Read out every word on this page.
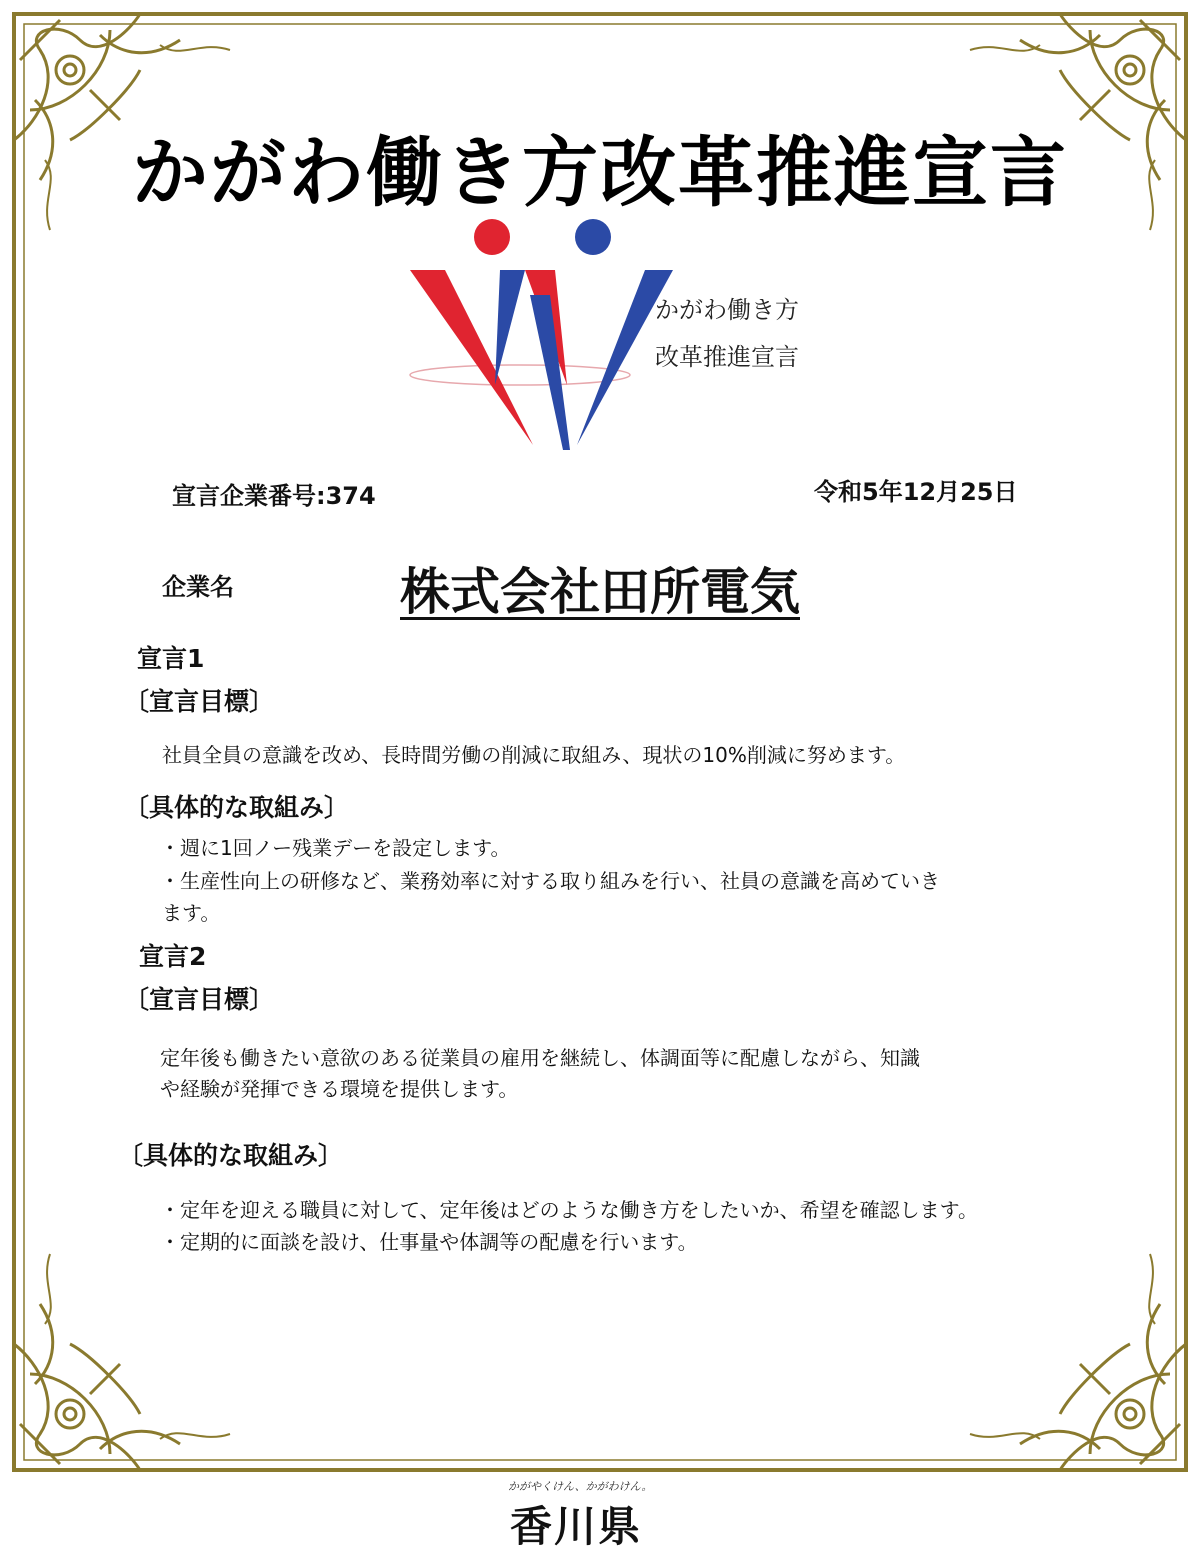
かがわ働き方改革推進宣言
かがわ働き方
改革推進宣言
宣言企業番号:374	令和5年12月25日
企業名	株式会社田所電気
宣言1
〔宣言目標〕
社員全員の意識を改め、長時間労働の削減に取組み、現状の10%削減に努めます。
〔具体的な取組み〕
・週に1回ノー残業デーを設定します。
・生産性向上の研修など、業務効率に対する取り組みを行い、社員の意識を高めていき
ます。
宣言2
〔宣言目標〕
定年後も働きたい意欲のある従業員の雇用を継続し、体調面等に配慮しながら、知識
や経験が発揮できる環境を提供します。
〔具体的な取組み〕
・定年を迎える職員に対して、定年後はどのような働き方をしたいか、希望を確認します。
・定期的に面談を設け、仕事量や体調等の配慮を行います。
かがやくけん、かがわけん。
香川県
